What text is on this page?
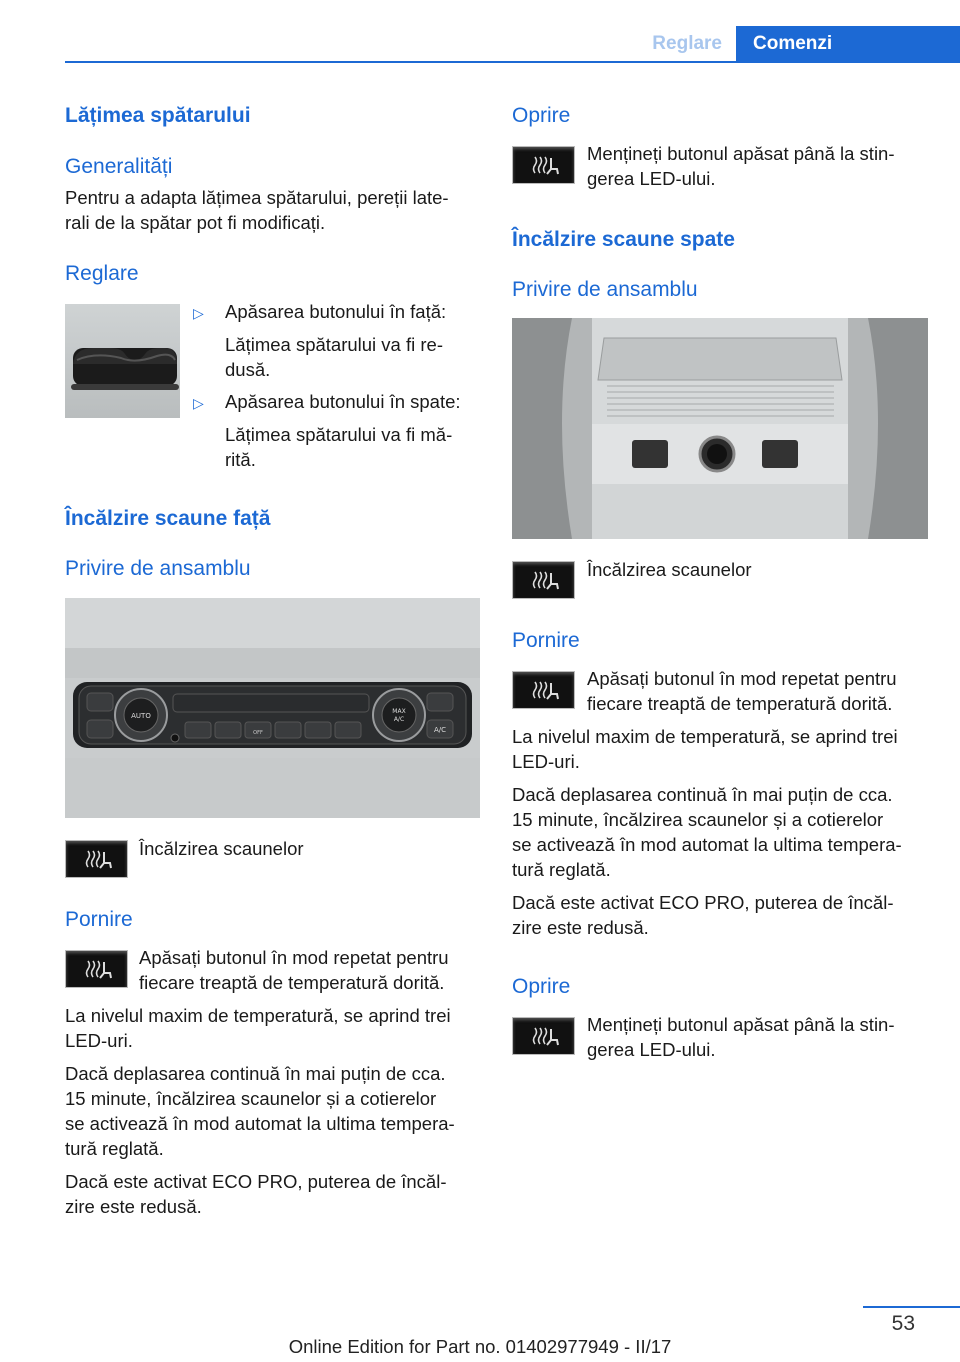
Reglare	Comenzi
Lățimea spătarului
Generalități
Pentru a adapta lățimea spătarului, pereții late‐
rali de la spătar pot fi modificați.
Reglare
▷ Apăsarea butonului în față:
Lățimea spătarului va fi re‐
dusă.
▷ Apăsarea butonului în spate:
Lățimea spătarului va fi mă‐
rită.
Încălzire scaune față
Privire de ansamblu
AUTO
MAX
A/C
A/C
OFF
Încălzirea scaunelor
Pornire
Apăsați butonul în mod repetat pentru
fiecare treaptă de temperatură dorită.
La nivelul maxim de temperatură, se aprind trei
LED‑uri.
Dacă deplasarea continuă în mai puțin de cca.
15 minute, încălzirea scaunelor și a cotierelor
se activează în mod automat la ultima tempera‐
tură reglată.
Dacă este activat ECO PRO, puterea de încăl‐
zire este redusă.
Oprire
Mențineți butonul apăsat până la stin‐
gerea LED‑ului.
Încălzire scaune spate
Privire de ansamblu
Încălzirea scaunelor
Pornire
Apăsați butonul în mod repetat pentru
fiecare treaptă de temperatură dorită.
La nivelul maxim de temperatură, se aprind trei
LED‑uri.
Dacă deplasarea continuă în mai puțin de cca.
15 minute, încălzirea scaunelor și a cotierelor
se activează în mod automat la ultima tempera‐
tură reglată.
Dacă este activat ECO PRO, puterea de încăl‐
zire este redusă.
Oprire
Mențineți butonul apăsat până la stin‐
gerea LED‑ului.
53
Online Edition for Part no. 01402977949 - II/17
